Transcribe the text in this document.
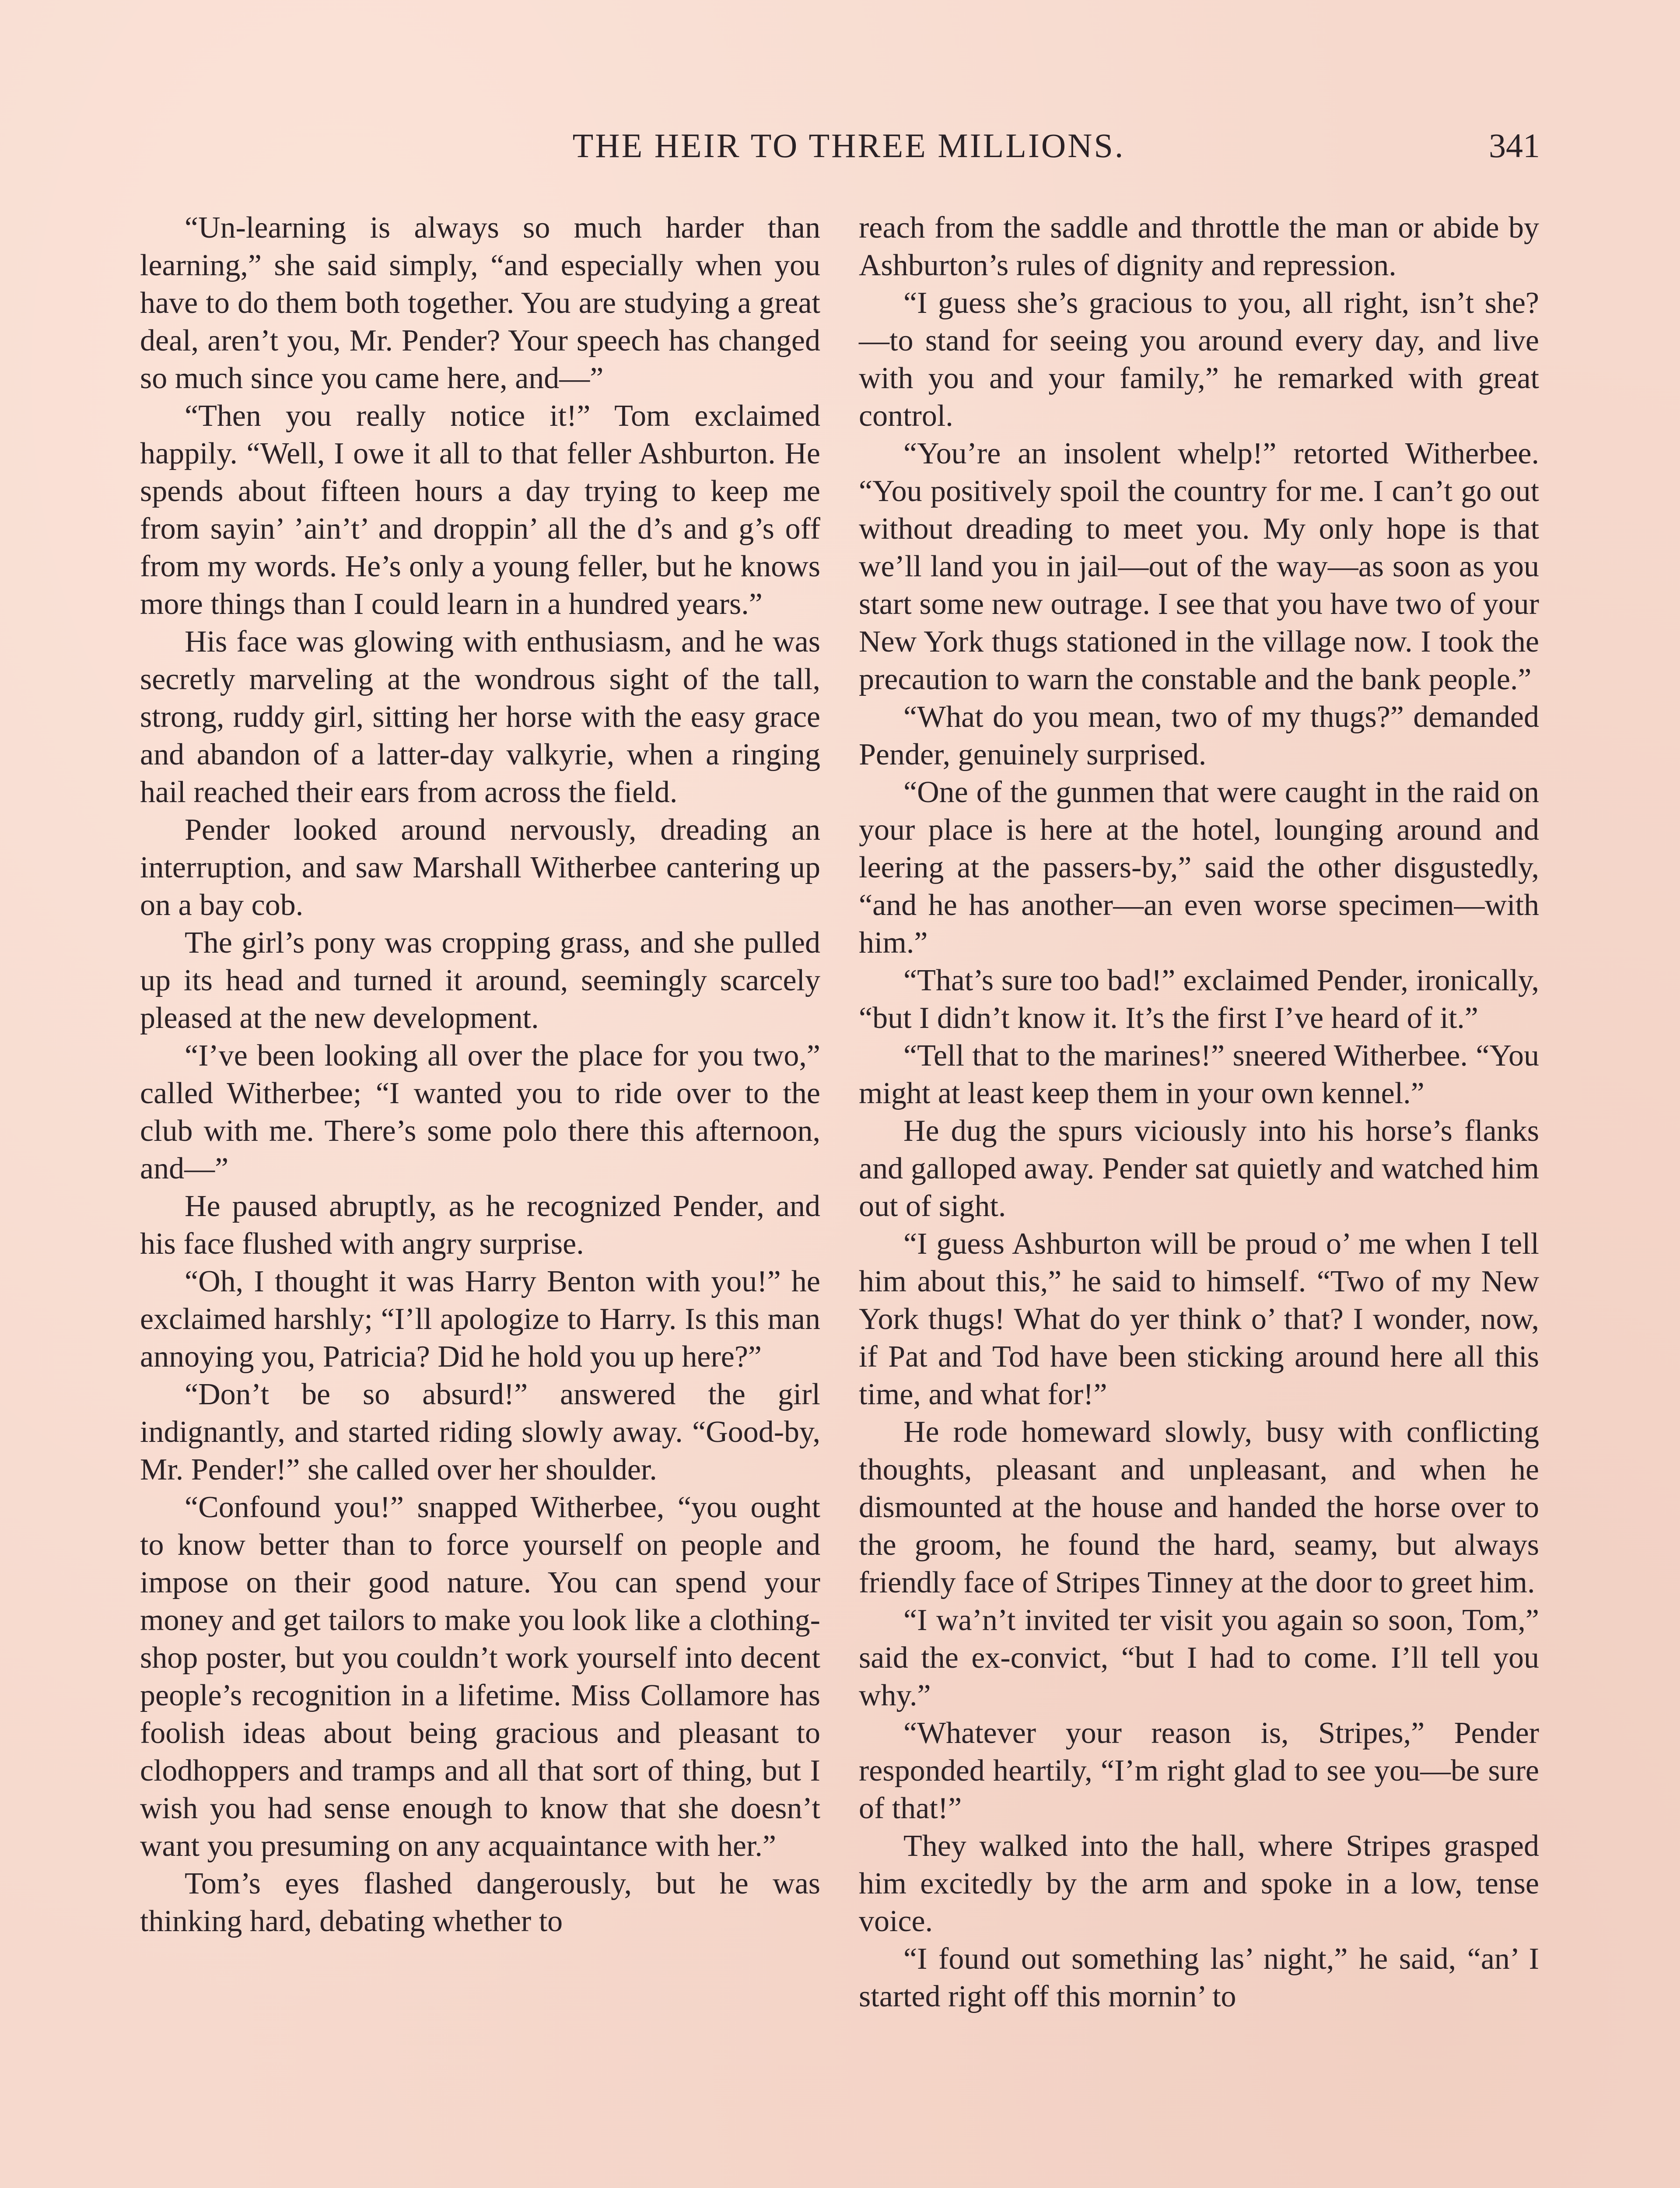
THE HEIR TO THREE MILLIONS.	341

“Un-learning is always so much harder than learning,” she said simply, “and especially when you have to do them both together. You are studying a great deal, aren’t you, Mr. Pender? Your speech has changed so much since you came here, and—”

“Then you really notice it!” Tom exclaimed happily. “Well, I owe it all to that feller Ashburton. He spends about fifteen hours a day trying to keep me from sayin’ ’ain’t’ and droppin’ all the d’s and g’s off from my words. He’s only a young feller, but he knows more things than I could learn in a hundred years.”

His face was glowing with enthusiasm, and he was secretly marveling at the wondrous sight of the tall, strong, ruddy girl, sitting her horse with the easy grace and abandon of a latter-day valkyrie, when a ringing hail reached their ears from across the field.

Pender looked around nervously, dreading an interruption, and saw Marshall Witherbee cantering up on a bay cob.

The girl’s pony was cropping grass, and she pulled up its head and turned it around, seemingly scarcely pleased at the new development.

“I’ve been looking all over the place for you two,” called Witherbee; “I wanted you to ride over to the club with me. There’s some polo there this afternoon, and—”

He paused abruptly, as he recognized Pender, and his face flushed with angry surprise.

“Oh, I thought it was Harry Benton with you!” he exclaimed harshly; “I’ll apologize to Harry. Is this man annoying you, Patricia? Did he hold you up here?”

“Don’t be so absurd!” answered the girl indignantly, and started riding slowly away. “Good-by, Mr. Pender!” she called over her shoulder.

“Confound you!” snapped Witherbee, “you ought to know better than to force yourself on people and impose on their good nature. You can spend your money and get tailors to make you look like a clothing-shop poster, but you couldn’t work yourself into decent people’s recognition in a lifetime. Miss Collamore has foolish ideas about being gracious and pleasant to clodhoppers and tramps and all that sort of thing, but I wish you had sense enough to know that she doesn’t want you presuming on any acquaintance with her.”

Tom’s eyes flashed dangerously, but he was thinking hard, debating whether to

reach from the saddle and throttle the man or abide by Ashburton’s rules of dignity and repression.

“I guess she’s gracious to you, all right, isn’t she?—to stand for seeing you around every day, and live with you and your family,” he remarked with great control.

“You’re an insolent whelp!” retorted Witherbee. “You positively spoil the country for me. I can’t go out without dreading to meet you. My only hope is that we’ll land you in jail—out of the way—as soon as you start some new outrage. I see that you have two of your New York thugs stationed in the village now. I took the precaution to warn the constable and the bank people.”

“What do you mean, two of my thugs?” demanded Pender, genuinely surprised.

“One of the gunmen that were caught in the raid on your place is here at the hotel, lounging around and leering at the passers-by,” said the other disgustedly, “and he has another—an even worse specimen—with him.”

“That’s sure too bad!” exclaimed Pender, ironically, “but I didn’t know it. It’s the first I’ve heard of it.”

“Tell that to the marines!” sneered Witherbee. “You might at least keep them in your own kennel.”

He dug the spurs viciously into his horse’s flanks and galloped away. Pender sat quietly and watched him out of sight.

“I guess Ashburton will be proud o’ me when I tell him about this,” he said to himself. “Two of my New York thugs! What do yer think o’ that? I wonder, now, if Pat and Tod have been sticking around here all this time, and what for!”

He rode homeward slowly, busy with conflicting thoughts, pleasant and unpleasant, and when he dismounted at the house and handed the horse over to the groom, he found the hard, seamy, but always friendly face of Stripes Tinney at the door to greet him.

“I wa’n’t invited ter visit you again so soon, Tom,” said the ex-convict, “but I had to come. I’ll tell you why.”

“Whatever your reason is, Stripes,” Pender responded heartily, “I’m right glad to see you—be sure of that!”

They walked into the hall, where Stripes grasped him excitedly by the arm and spoke in a low, tense voice.

“I found out something las’ night,” he said, “an’ I started right off this mornin’ to
